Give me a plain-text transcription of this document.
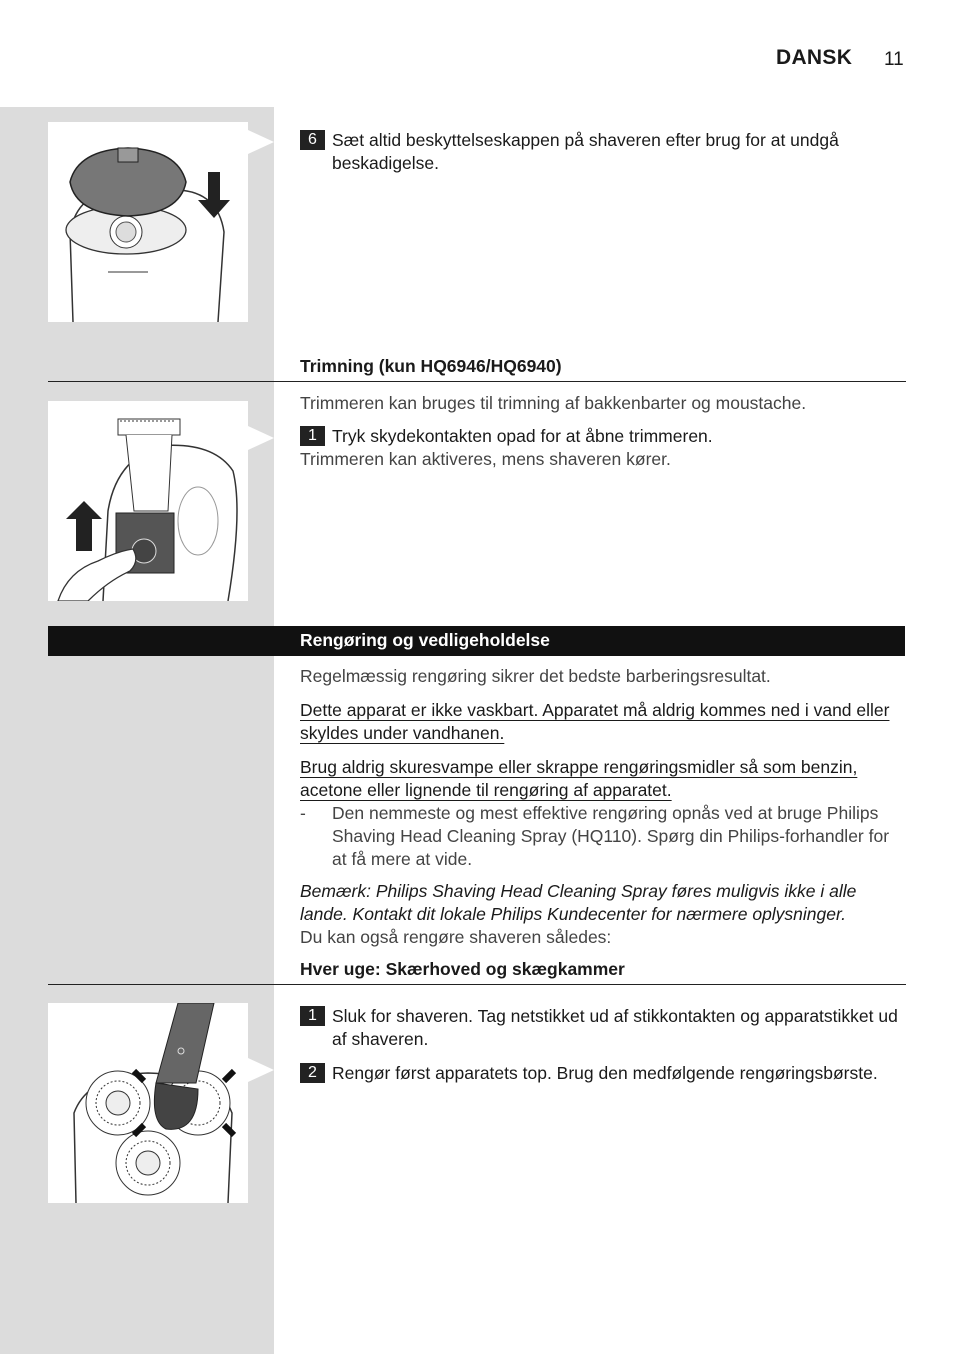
DANSK 11
6 Sæt altid beskyttelseskappen på shaveren efter brug for at undgå beskadigelse.
Trimning (kun HQ6946/HQ6940)
Trimmeren kan bruges til trimning af bakkenbarter og moustache.
1 Tryk skydekontakten opad for at åbne trimmeren.
Trimmeren kan aktiveres, mens shaveren kører.
Rengøring og vedligeholdelse
Regelmæssig rengøring sikrer det bedste barberingsresultat.
Dette apparat er ikke vaskbart. Apparatet må aldrig kommes ned i vand eller skyldes under vandhanen.
Brug aldrig skuresvampe eller skrappe rengøringsmidler så som benzin, acetone eller lignende til rengøring af apparatet.
-	Den nemmeste og mest effektive rengøring opnås ved at bruge Philips Shaving Head Cleaning Spray (HQ110). Spørg din Philips-forhandler for at få mere at vide.
Bemærk: Philips Shaving Head Cleaning Spray føres muligvis ikke i alle lande. Kontakt dit lokale Philips Kundecenter for nærmere oplysninger.
Du kan også rengøre shaveren således:
Hver uge: Skærhoved og skægkammer
1 Sluk for shaveren. Tag netstikket ud af stikkontakten og apparatstikket ud af shaveren.
2 Rengør først apparatets top. Brug den medfølgende rengøringsbørste.
